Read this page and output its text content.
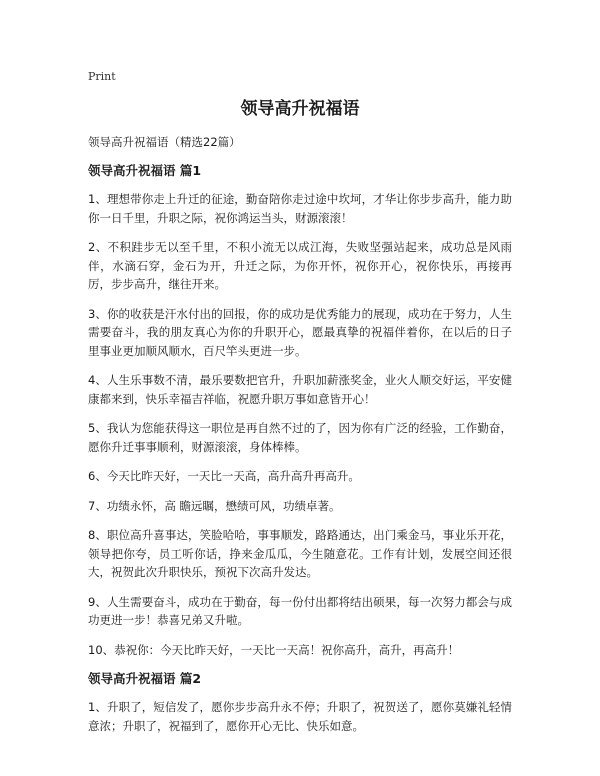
Print
领导高升祝福语
领导高升祝福语（精选22篇）
领导高升祝福语 篇1

1、理想带你走上升迁的征途，勤奋陪你走过途中坎坷，才华让你步步高升，能力助你一日千里，升职之际，祝你鸿运当头，财源滚滚！

2、不积跬步无以至千里，不积小流无以成江海，失败坚强站起来，成功总是风雨伴，水滴石穿，金石为开，升迁之际，为你开怀，祝你开心，祝你快乐，再接再厉，步步高升，继往开来。

3、你的收获是汗水付出的回报，你的成功是优秀能力的展现，成功在于努力，人生需要奋斗，我的朋友真心为你的升职开心，愿最真挚的祝福伴着你，在以后的日子里事业更加顺风顺水，百尺竿头更进一步。

4、人生乐事数不清，最乐要数把官升，升职加薪涨奖金，业火人顺交好运，平安健康都来到，快乐幸福吉祥临，祝愿升职万事如意皆开心！

5、我认为您能获得这一职位是再自然不过的了，因为你有广泛的经验，工作勤奋，愿你升迁事事顺利，财源滚滚，身体棒棒。

6、今天比昨天好，一天比一天高，高升高升再高升。

7、功绩永怀，高 瞻远瞩，懋绩可风，功绩卓著。

8、职位高升喜事达，笑脸哈哈，事事顺发，路路通达，出门乘金马，事业乐开花，领导把你夸，员工听你话，挣来金瓜瓜，今生随意花。工作有计划，发展空间还很大，祝贺此次升职快乐，预祝下次高升发达。

9、人生需要奋斗，成功在于勤奋，每一份付出都将结出硕果，每一次努力都会与成功更进一步！恭喜兄弟又升啦。

10、恭祝你：今天比昨天好，一天比一天高！祝你高升，高升，再高升！

领导高升祝福语 篇2

1、升职了，短信发了，愿你步步高升永不停；升职了，祝贺送了，愿你莫嫌礼轻情意浓；升职了，祝福到了，愿你开心无比、快乐如意。
